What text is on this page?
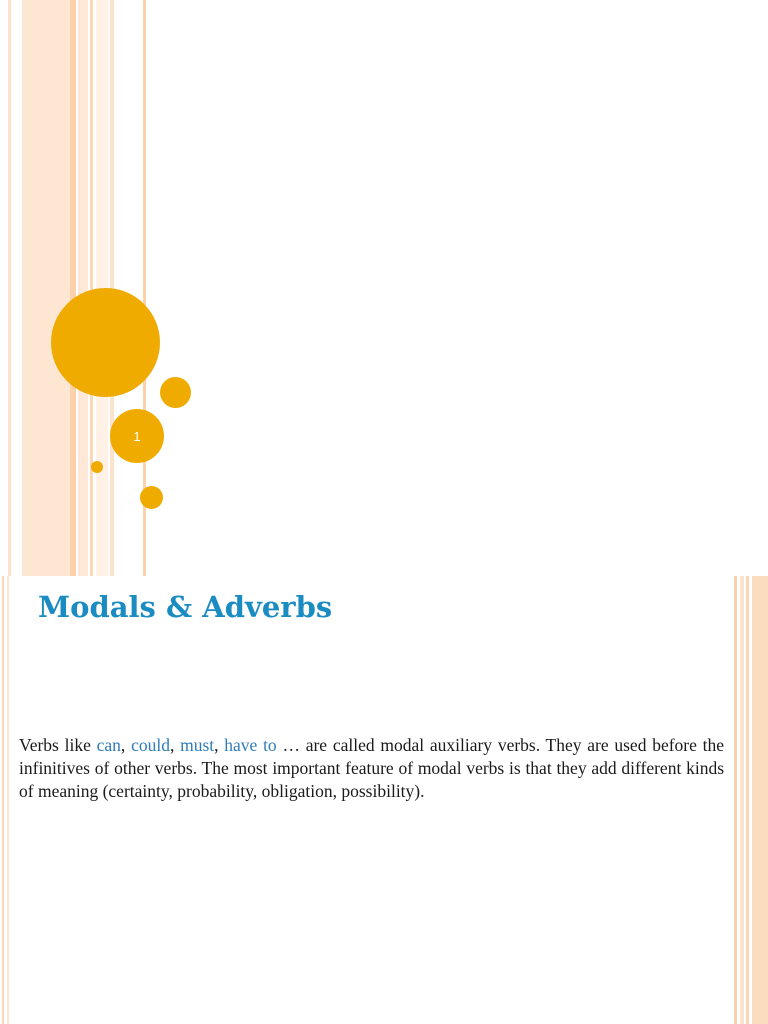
1
Modals & Adverbs

Verbs like can, could, must, have to … are called modal auxiliary verbs. They are used before the infinitives of other verbs. The most important feature of modal verbs is that they add different kinds of meaning (certainty, probability, obligation, possibility).
